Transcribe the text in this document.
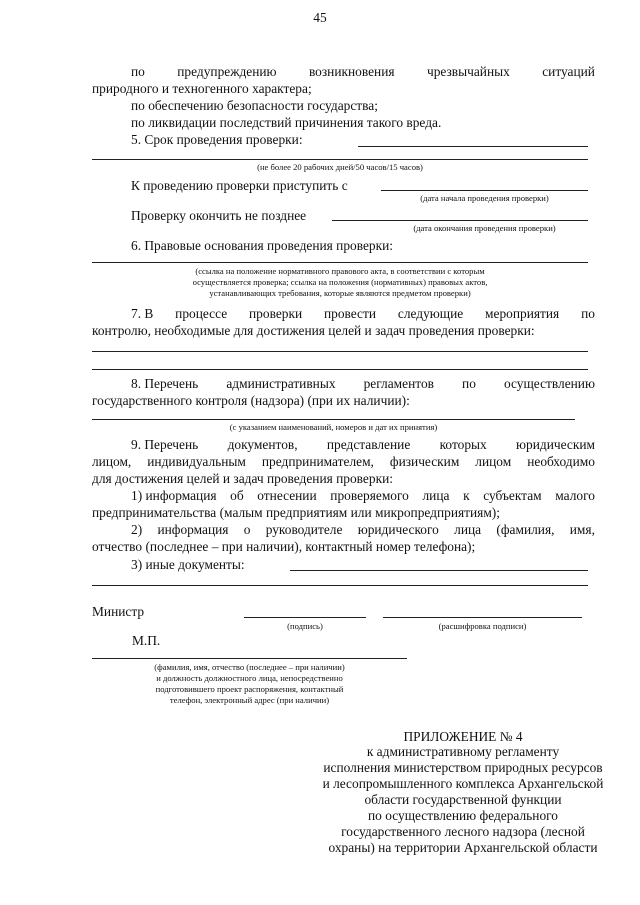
45
по предупреждению возникновения чрезвычайных ситуаций
природного и техногенного характера;
по обеспечению безопасности государства;
по ликвидации последствий причинения такого вреда.
5. Срок проведения проверки:
(не более 20 рабочих дней/50 часов/15 часов)
К проведению проверки приступить с
(дата начала проведения проверки)
Проверку окончить не позднее
(дата окончания проведения проверки)
6. Правовые основания проведения проверки:
(ссылка на положение нормативного правового акта, в соответствии с которым
осуществляется проверка; ссылка на положения (нормативных) правовых актов,
устанавливающих требования, которые являются предметом проверки)
7. В процессе проверки провести следующие мероприятия по
контролю, необходимые для достижения целей и задач проведения проверки:
8. Перечень административных регламентов по осуществлению
государственного контроля (надзора) (при их наличии):
(с указанием наименований, номеров и дат их принятия)
9. Перечень документов, представление которых юридическим
лицом, индивидуальным предпринимателем, физическим лицом необходимо
для достижения целей и задач проведения проверки:
1) информация об отнесении проверяемого лица к субъектам малого
предпринимательства (малым предприятиям или микропредприятиям);
2) информация о руководителе юридического лица (фамилия, имя,
отчество (последнее – при наличии), контактный номер телефона);
3) иные документы:
Министр
(подпись)	(расшифровка подписи)
М.П.
(фамилия, имя, отчество (последнее – при наличии)
и должность должностного лица, непосредственно
подготовившего проект распоряжения, контактный
телефон, электронный адрес (при наличии)
ПРИЛОЖЕНИЕ № 4
к административному регламенту
исполнения министерством природных ресурсов
и лесопромышленного комплекса Архангельской
области государственной функции
по осуществлению федерального
государственного лесного надзора (лесной
охраны) на территории Архангельской области
